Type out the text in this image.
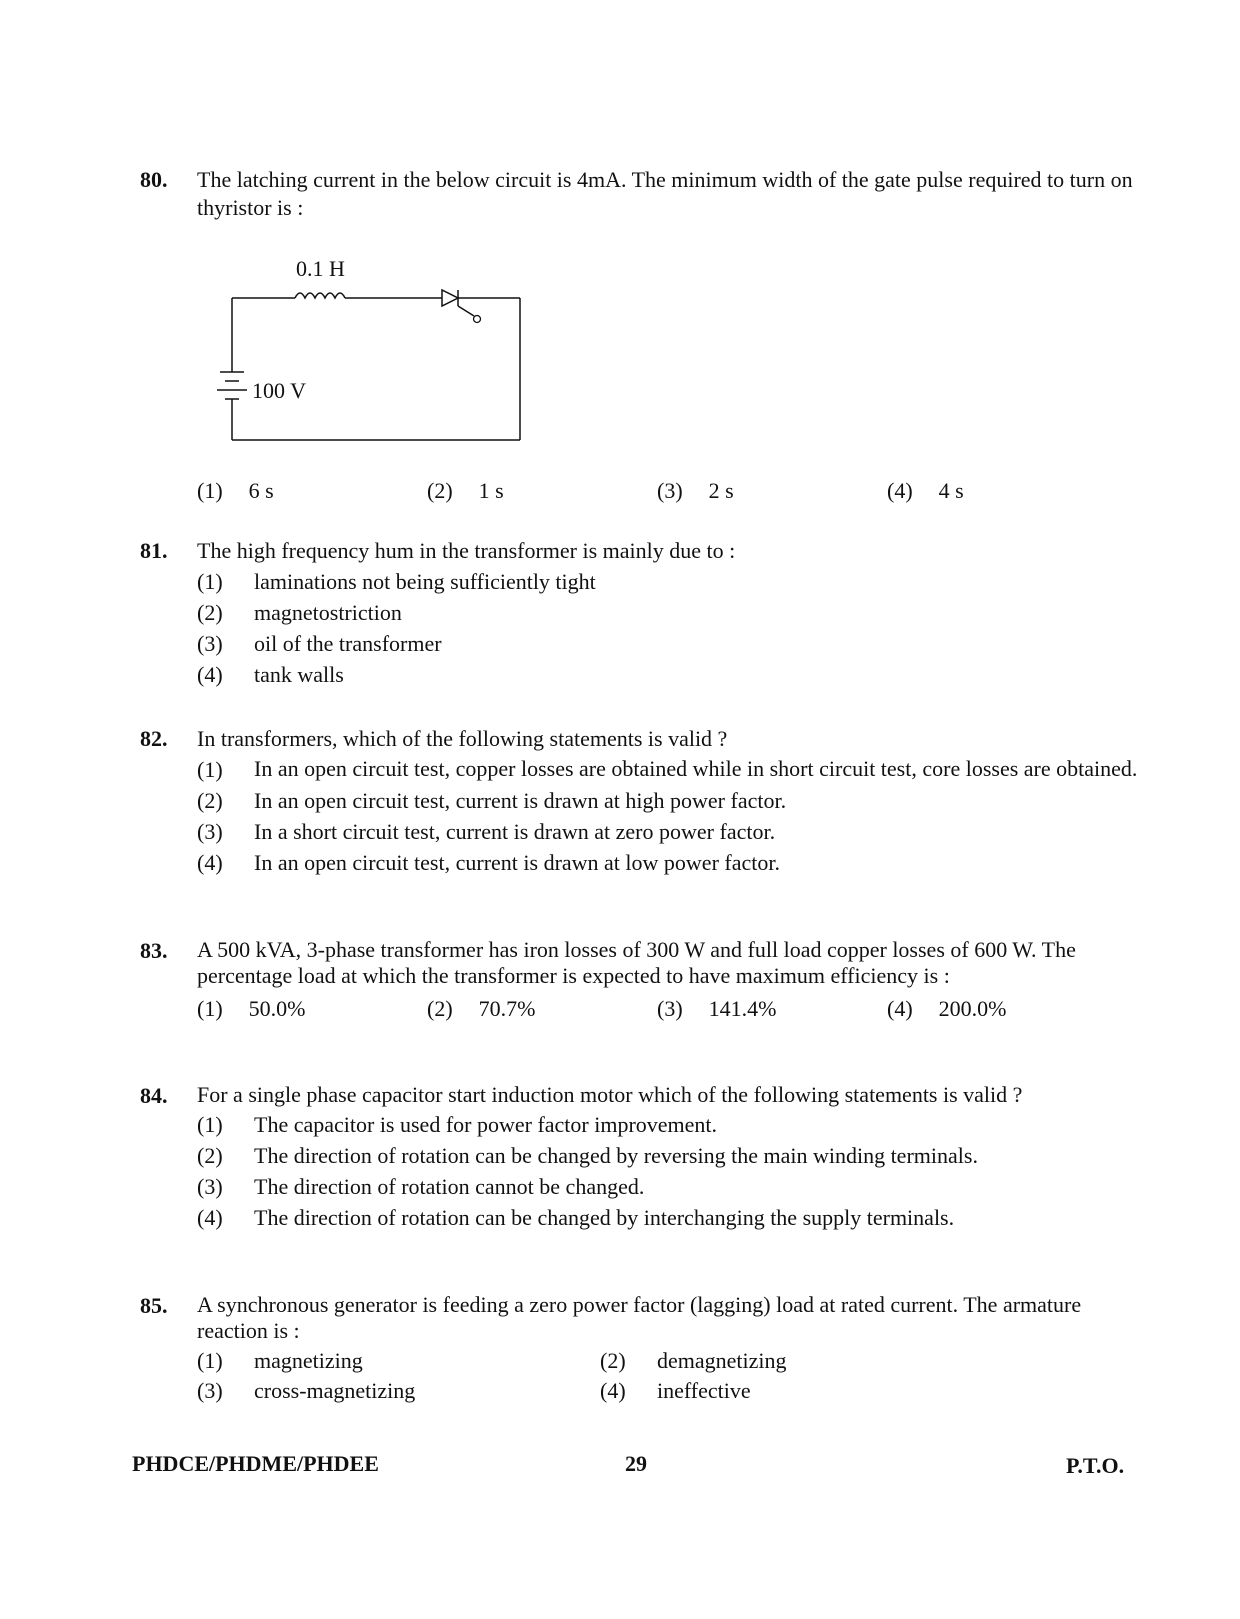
80. The latching current in the below circuit is 4mA. The minimum width of the gate pulse required to turn on thyristor is :
0.1 H
100 V
(1) 6 s	(2) 1 s	(3) 2 s	(4) 4 s
81. The high frequency hum in the transformer is mainly due to :
(1)	laminations not being sufficiently tight
(2)	magnetostriction
(3)	oil of the transformer
(4)	tank walls
82. In transformers, which of the following statements is valid ?
(1)	In an open circuit test, copper losses are obtained while in short circuit test, core losses are obtained.
(2)	In an open circuit test, current is drawn at high power factor.
(3)	In a short circuit test, current is drawn at zero power factor.
(4)	In an open circuit test, current is drawn at low power factor.
83. A 500 kVA, 3-phase transformer has iron losses of 300 W and full load copper losses of 600 W. The percentage load at which the transformer is expected to have maximum efficiency is :
(1) 50.0%	(2) 70.7%	(3) 141.4%	(4) 200.0%
84. For a single phase capacitor start induction motor which of the following statements is valid ?
(1)	The capacitor is used for power factor improvement.
(2)	The direction of rotation can be changed by reversing the main winding terminals.
(3)	The direction of rotation cannot be changed.
(4)	The direction of rotation can be changed by interchanging the supply terminals.
85. A synchronous generator is feeding a zero power factor (lagging) load at rated current. The armature reaction is :
(1)	magnetizing	(2)	demagnetizing
(3)	cross-magnetizing	(4)	ineffective
PHDCE/PHDME/PHDEE	29	P.T.O.
